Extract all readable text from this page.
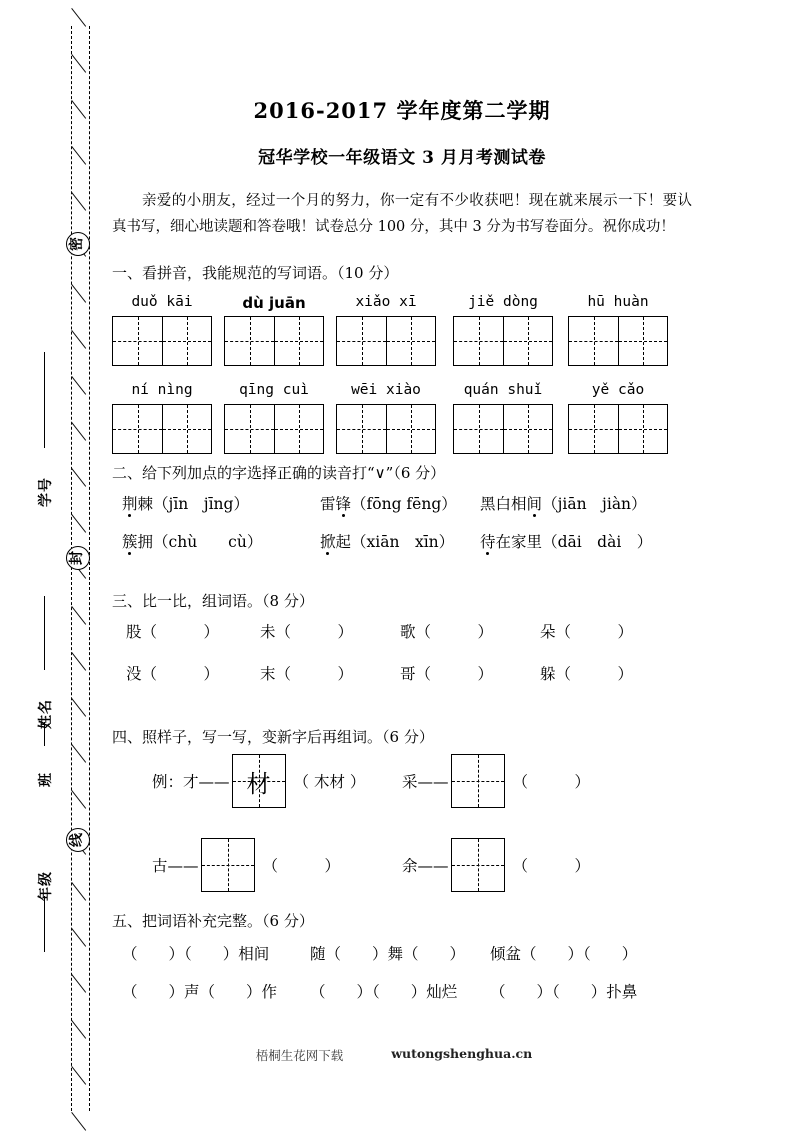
密
封
线
学号
姓名
班
年级
2016-2017 学年度第二学期
冠华学校一年级语文 3 月月考测试卷
亲爱的小朋友，经过一个月的努力，你一定有不少收获吧！现在就来展示一下！要认真书写，细心地读题和答卷哦！试卷总分 100 分，其中 3 分为书写卷面分。祝你成功！
一、看拼音，我能规范的写词语。（10 分）
duǒ kāi	dù juān	xiǎo xī	jiě dòng	hū huàn
ní nìng	qīng cuì	wēi xiào	quán shuǐ	yě cǎo
二、给下列加点的字选择正确的读音打“∨”（6 分）
荆棘（jīn jīng）	雷锋（fōng fēng） 黑白相间（jiān jiàn）
簇拥（chù  cù）	掀起（xiān xīn） 待在家里（dāi dài ）
三、比一比，组词语。（8 分）
股（   ）	未（   ）	歌（   ）	朵（   ）
没（   ）	末（   ）	哥（   ）	躲（   ）
四、照样子，写一写，变新字后再组词。（6 分）
例：才—— 材	（ 木材 ） 采——	（   ）
古——	（   ）	余——	（   ）
五、把词语补充完整。（6 分）
（  ）（  ）相间	随（  ）舞（  ） 倾盆（  ）（  ）
（  ）声（  ）作 （  ）（  ）灿烂 （  ）（  ）扑鼻
梧桐生花网下载	wutongshenghua.cn
